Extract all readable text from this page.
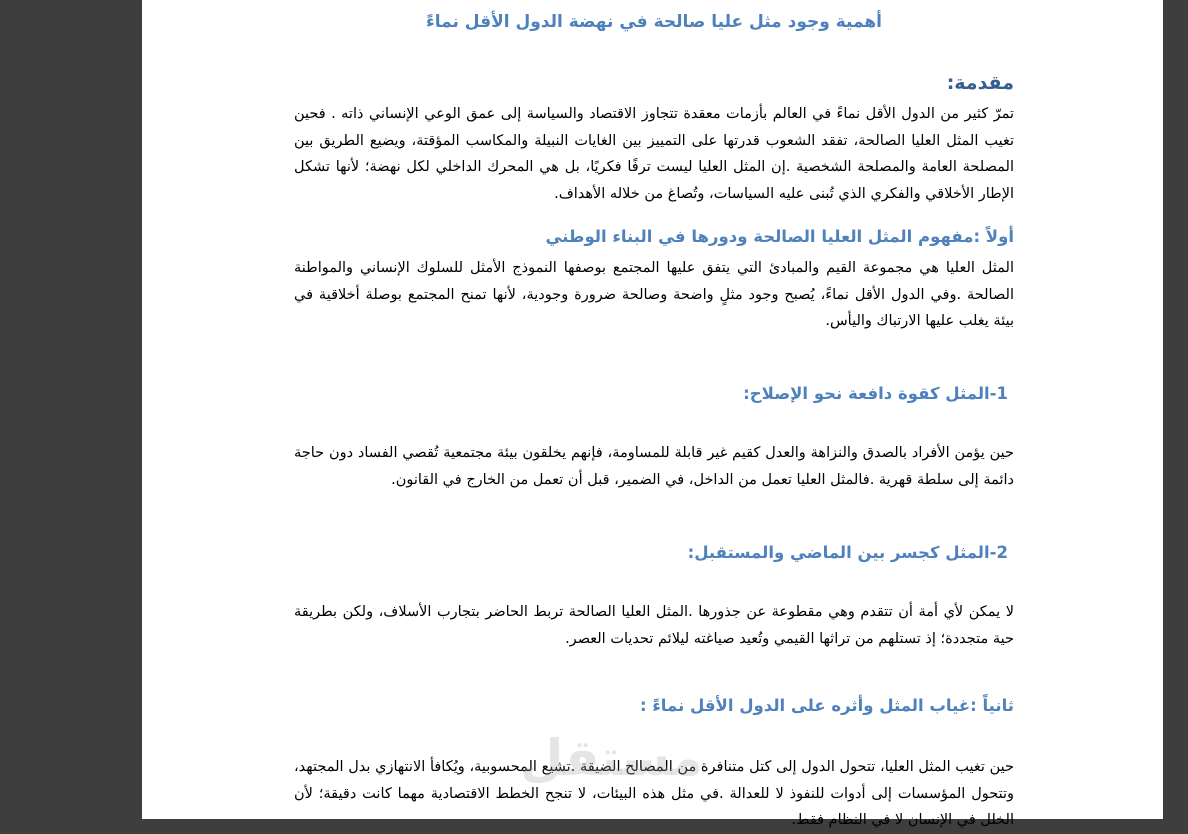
أهمية وجود مثل عليا صالحة في نهضة الدول الأقل نماءً
مقدمة:
تمرّ كثير من الدول الأقل نماءً في العالم بأزمات معقدة تتجاوز الاقتصاد والسياسة إلى عمق الوعي الإنساني ذاته . فحين تغيب المثل العليا الصالحة، تفقد الشعوب قدرتها على التمييز بين الغايات النبيلة والمكاسب المؤقتة، ويضيع الطريق بين المصلحة العامة والمصلحة الشخصية .إن المثل العليا ليست ترفًا فكريًا، بل هي المحرك الداخلي لكل نهضة؛ لأنها تشكل الإطار الأخلاقي والفكري الذي تُبنى عليه السياسات، وتُصاغ من خلاله الأهداف.
أولاً :مفهوم المثل العليا الصالحة ودورها في البناء الوطني
المثل العليا هي مجموعة القيم والمبادئ التي يتفق عليها المجتمع بوصفها النموذج الأمثل للسلوك الإنساني والمواطنة الصالحة .وفي الدول الأقل نماءً، يُصبح وجود مثلٍ واضحة وصالحة ضرورة وجودية، لأنها تمنح المجتمع بوصلة أخلاقية في بيئة يغلب عليها الارتباك واليأس.
1-المثل كقوة دافعة نحو الإصلاح:
حين يؤمن الأفراد بالصدق والنزاهة والعدل كقيم غير قابلة للمساومة، فإنهم يخلقون بيئة مجتمعية تُقصي الفساد دون حاجة دائمة إلى سلطة قهرية .فالمثل العليا تعمل من الداخل، في الضمير، قبل أن تعمل من الخارج في القانون.
2-المثل كجسر بين الماضي والمستقبل:
لا يمكن لأي أمة أن تتقدم وهي مقطوعة عن جذورها .المثل العليا الصالحة تربط الحاضر بتجارب الأسلاف، ولكن بطريقة حية متجددة؛ إذ تستلهم من تراثها القيمي وتُعيد صياغته ليلائم تحديات العصر.
ثانياً :غياب المثل وأثره على الدول الأقل نماءً :
حين تغيب المثل العليا، تتحول الدول إلى كتل متنافرة من المصالح الضيقة .تشيع المحسوبية، ويُكافأ الانتهازي بدل المجتهد، وتتحول المؤسسات إلى أدوات للنفوذ لا للعدالة .في مثل هذه البيئات، لا تنجح الخطط الاقتصادية مهما كانت دقيقة؛ لأن الخلل في الإنسان لا في النظام فقط.
مستقل
